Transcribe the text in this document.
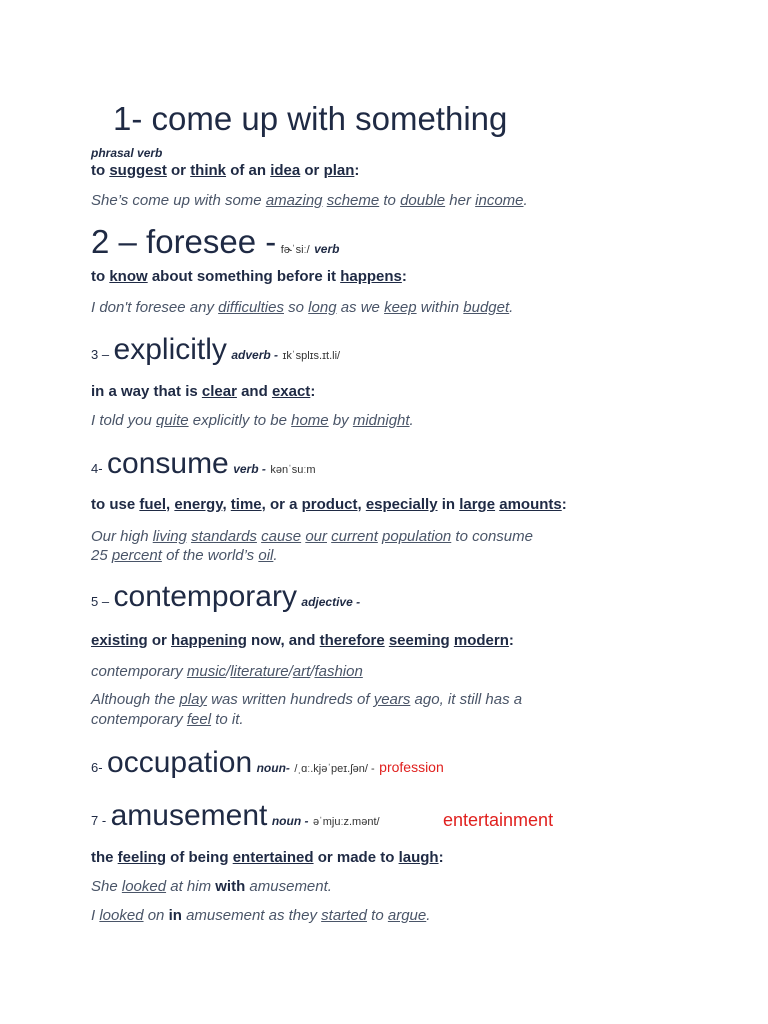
1- come up with something
phrasal verb
to suggest or think of an idea or plan:
She’s come up with some amazing scheme to double her income.
2 – foresee - fɚˈsiː/ verb
to know about something before it happens:
I don't foresee any difficulties so long as we keep within budget.
3 – explicitly adverb - ɪkˈsplɪs.ɪt.li/
in a way that is clear and exact:
I told you quite explicitly to be home by midnight.
4- consume verb - kənˈsuːm
to use fuel, energy, time, or a product, especially in large amounts:
Our high living standards cause our current population to consume
25 percent of the world’s oil.
5 – contemporary adjective -
existing or happening now, and therefore seeming modern:
contemporary music/literature/art/fashion
Although the play was written hundreds of years ago, it still has a
contemporary feel to it.
6- occupation noun- /ˌɑː.kjəˈpeɪ.ʃən/ - profession
7 - amusement noun - əˈmjuːz.mənt/	entertainment
the feeling of being entertained or made to laugh:
She looked at him with amusement.
I looked on in amusement as they started to argue.
